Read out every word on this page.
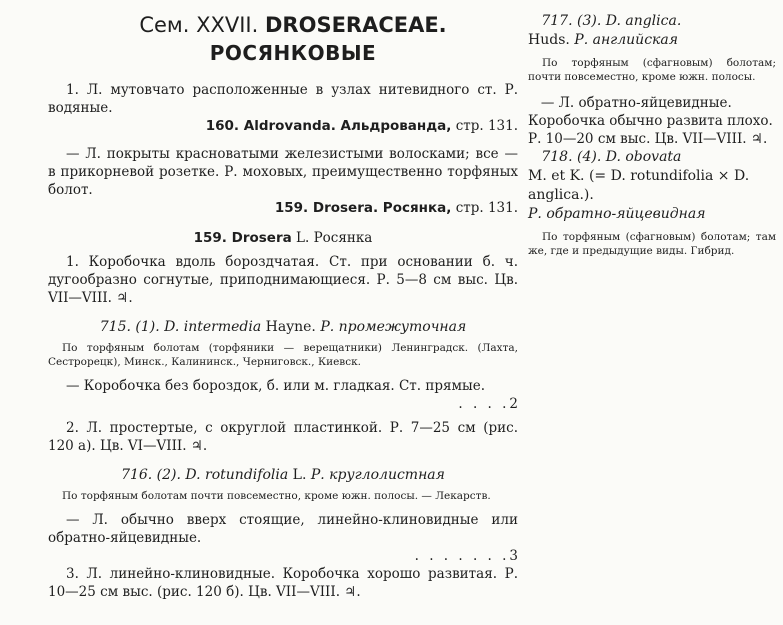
Сем. XXVII. DROSERACEAE.
РОСЯНКОВЫЕ

1. Л. мутовчато расположенные в узлах нитевидного ст. Р. водяные.

160. Aldrovanda. Альдрованда, стр. 131.

— Л. покрыты красноватыми железистыми волосками; все — в прикорневой розетке. Р. моховых, преимущественно торфяных болот.

159. Drosera. Росянка, стр. 131.

159. Drosera L. Росянка

1. Коробочка вдоль бороздчатая. Ст. при основании б. ч. дугообразно согнутые, приподнимающиеся. Р. 5—8 см выс. Цв. VII—VIII. ♃.

715. (1). D. intermedia Hayne. Р. промежуточная

По торфяным болотам (торфяники — верещатники) Ленинградск. (Лахта, Сестрорецк), Минск., Калининск., Черниговск., Киевск.

— Коробочка без бороздок, б. или м. гладкая. Ст. прямые.

. . . . 2

2. Л. простертые, с округлой пластинкой. Р. 7—25 см (рис. 120 а). Цв. VI—VIII. ♃.

716. (2). D. rotundifolia L. Р. круглолистная

По торфяным болотам почти повсеместно, кроме южн. полосы. — Лекарств.

— Л. обычно вверх стоящие, линейно-клиновидные или обратно-яйцевидные.

. . . . . . . 3

3. Л. линейно-клиновидные. Коробочка хорошо развитая. Р. 10—25 см выс. (рис. 120 б). Цв. VII—VIII. ♃.

717. (3). D. anglica.
Huds. Р. английская

По торфяным (сфагновым) болотам; почти повсеместно, кроме южн. полосы.

— Л. обратно-яйцевидные. Коробочка обычно развита плохо. Р. 10—20 см выс. Цв. VII—VIII. ♃.

718. (4). D. obovata
M. et K. (= D. rotundifolia × D. anglica.).
Р. обратно-яйцевидная

По торфяным (сфагновым) болотам; там же, где и предыдущие виды. Гибрид.
